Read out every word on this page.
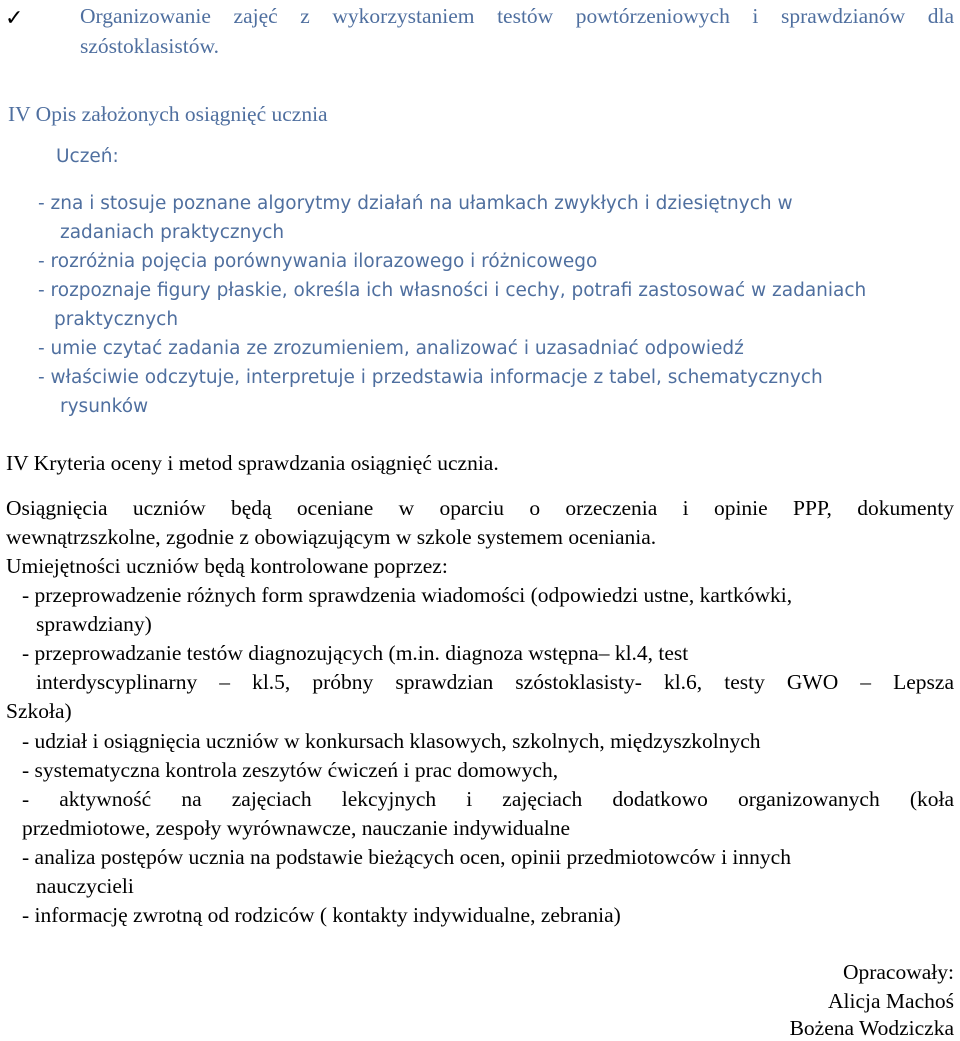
✓	Organizowanie zajęć z wykorzystaniem testów powtórzeniowych i sprawdzianów dla
szóstoklasistów.
IV Opis założonych osiągnięć ucznia
Uczeń:
- zna i stosuje poznane algorytmy działań na ułamkach zwykłych i dziesiętnych w
zadaniach praktycznych
- rozróżnia pojęcia porównywania ilorazowego i różnicowego
- rozpoznaje figury płaskie, określa ich własności i cechy, potrafi zastosować w zadaniach
praktycznych
- umie czytać zadania ze zrozumieniem, analizować i uzasadniać odpowiedź
- właściwie odczytuje, interpretuje i przedstawia informacje z tabel, schematycznych
rysunków
IV Kryteria oceny i metod sprawdzania osiągnięć ucznia.
Osiągnięcia uczniów będą oceniane w oparciu o orzeczenia i opinie PPP, dokumenty
wewnątrzszkolne, zgodnie z obowiązującym w szkole systemem oceniania.
Umiejętności uczniów będą kontrolowane poprzez:
- przeprowadzenie różnych form sprawdzenia wiadomości (odpowiedzi ustne, kartkówki,
sprawdziany)
- przeprowadzanie testów diagnozujących (m.in. diagnoza wstępna– kl.4, test
interdyscyplinarny – kl.5, próbny sprawdzian szóstoklasisty- kl.6, testy GWO – Lepsza
Szkoła)
- udział i osiągnięcia uczniów w konkursach klasowych, szkolnych, międzyszkolnych
- systematyczna kontrola zeszytów ćwiczeń i prac domowych,
- aktywność na zajęciach lekcyjnych i zajęciach dodatkowo organizowanych (koła
przedmiotowe, zespoły wyrównawcze, nauczanie indywidualne
- analiza postępów ucznia na podstawie bieżących ocen, opinii przedmiotowców i innych
nauczycieli
- informację zwrotną od rodziców ( kontakty indywidualne, zebrania)
Opracowały:
Alicja Machoś
Bożena Wodziczka
